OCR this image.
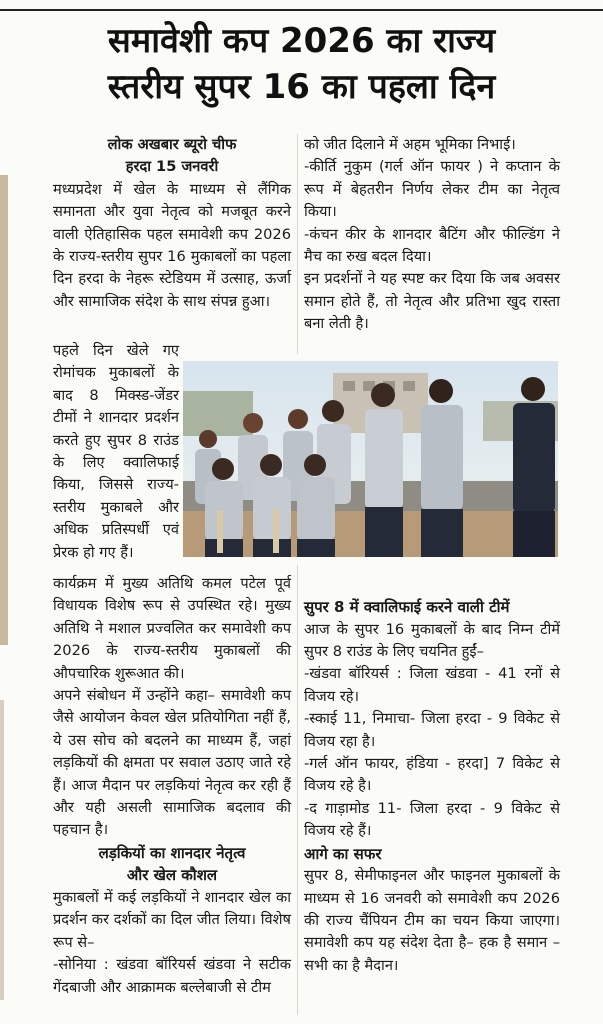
समावेशी कप 2026 का राज्य
स्तरीय सुपर 16 का पहला दिन
लोक अखबार ब्यूरो चीफ
हरदा 15 जनवरी

मध्यप्रदेश में खेल के माध्यम से लैंगिक समानता और युवा नेतृत्व को मजबूत करने वाली ऐतिहासिक पहल समावेशी कप 2026 के राज्य-स्तरीय सुपर 16 मुकाबलों का पहला दिन हरदा के नेहरू स्टेडियम में उत्साह, ऊर्जा और सामाजिक संदेश के साथ संपन्न हुआ।

पहले दिन खेले गए रोमांचक मुकाबलों के बाद 8 मिक्स्ड-जेंडर टीमों ने शानदार प्रदर्शन करते हुए सुपर 8 राउंड के लिए क्वालिफाई किया, जिससे राज्य-स्तरीय मुकाबले और अधिक प्रतिस्पर्धी एवं प्रेरक हो गए हैं।

कार्यक्रम में मुख्य अतिथि कमल पटेल पूर्व विधायक विशेष रूप से उपस्थित रहे। मुख्य अतिथि ने मशाल प्रज्वलित कर समावेशी कप 2026 के राज्य-स्तरीय मुकाबलों की औपचारिक शुरूआत की।

अपने संबोधन में उन्होंने कहा– समावेशी कप जैसे आयोजन केवल खेल प्रतियोगिता नहीं हैं, ये उस सोच को बदलने का माध्यम हैं, जहां लड़कियों की क्षमता पर सवाल उठाए जाते रहे हैं। आज मैदान पर लड़कियां नेतृत्व कर रही हैं और यही असली सामाजिक बदलाव की पहचान है।

लड़कियों का शानदार नेतृत्व
और खेल कौशल

मुकाबलों में कई लड़कियों ने शानदार खेल का प्रदर्शन कर दर्शकों का दिल जीत लिया। विशेष रूप से–

-सोनिया : खंडवा बॉरियर्स खंडवा ने सटीक गेंदबाजी और आक्रामक बल्लेबाजी से टीम

को जीत दिलाने में अहम भूमिका निभाई।

-कीर्ति नुकुम (गर्ल ऑन फायर ) ने कप्तान के रूप में बेहतरीन निर्णय लेकर टीम का नेतृत्व किया।

-कंचन कीर के शानदार बैटिंग और फील्डिंग ने मैच का रुख बदल दिया।

इन प्रदर्शनों ने यह स्पष्ट कर दिया कि जब अवसर समान होते हैं, तो नेतृत्व और प्रतिभा खुद रास्ता बना लेती है।

सुपर 8 में क्वालिफाई करने वाली टीमें

आज के सुपर 16 मुकाबलों के बाद निम्न टीमें सुपर 8 राउंड के लिए चयनित हुईं–

-खंडवा बॉरियर्स : जिला खंडवा - 41 रनों से विजय रहे।

-स्काई 11, निमाचा- जिला हरदा - 9 विकेट से विजय रहा है।

-गर्ल ऑन फायर, हंडिया - हरदा] 7 विकेट से विजय रहे है।

-द गाड़ामोड 11- जिला हरदा - 9 विकेट से विजय रहे हैं।

आगे का सफर

सुपर 8, सेमीफाइनल और फाइनल मुकाबलों के माध्यम से 16 जनवरी को समावेशी कप 2026 की राज्य चैंपियन टीम का चयन किया जाएगा। समावेशी कप यह संदेश देता है– हक है समान – सभी का है मैदान।
